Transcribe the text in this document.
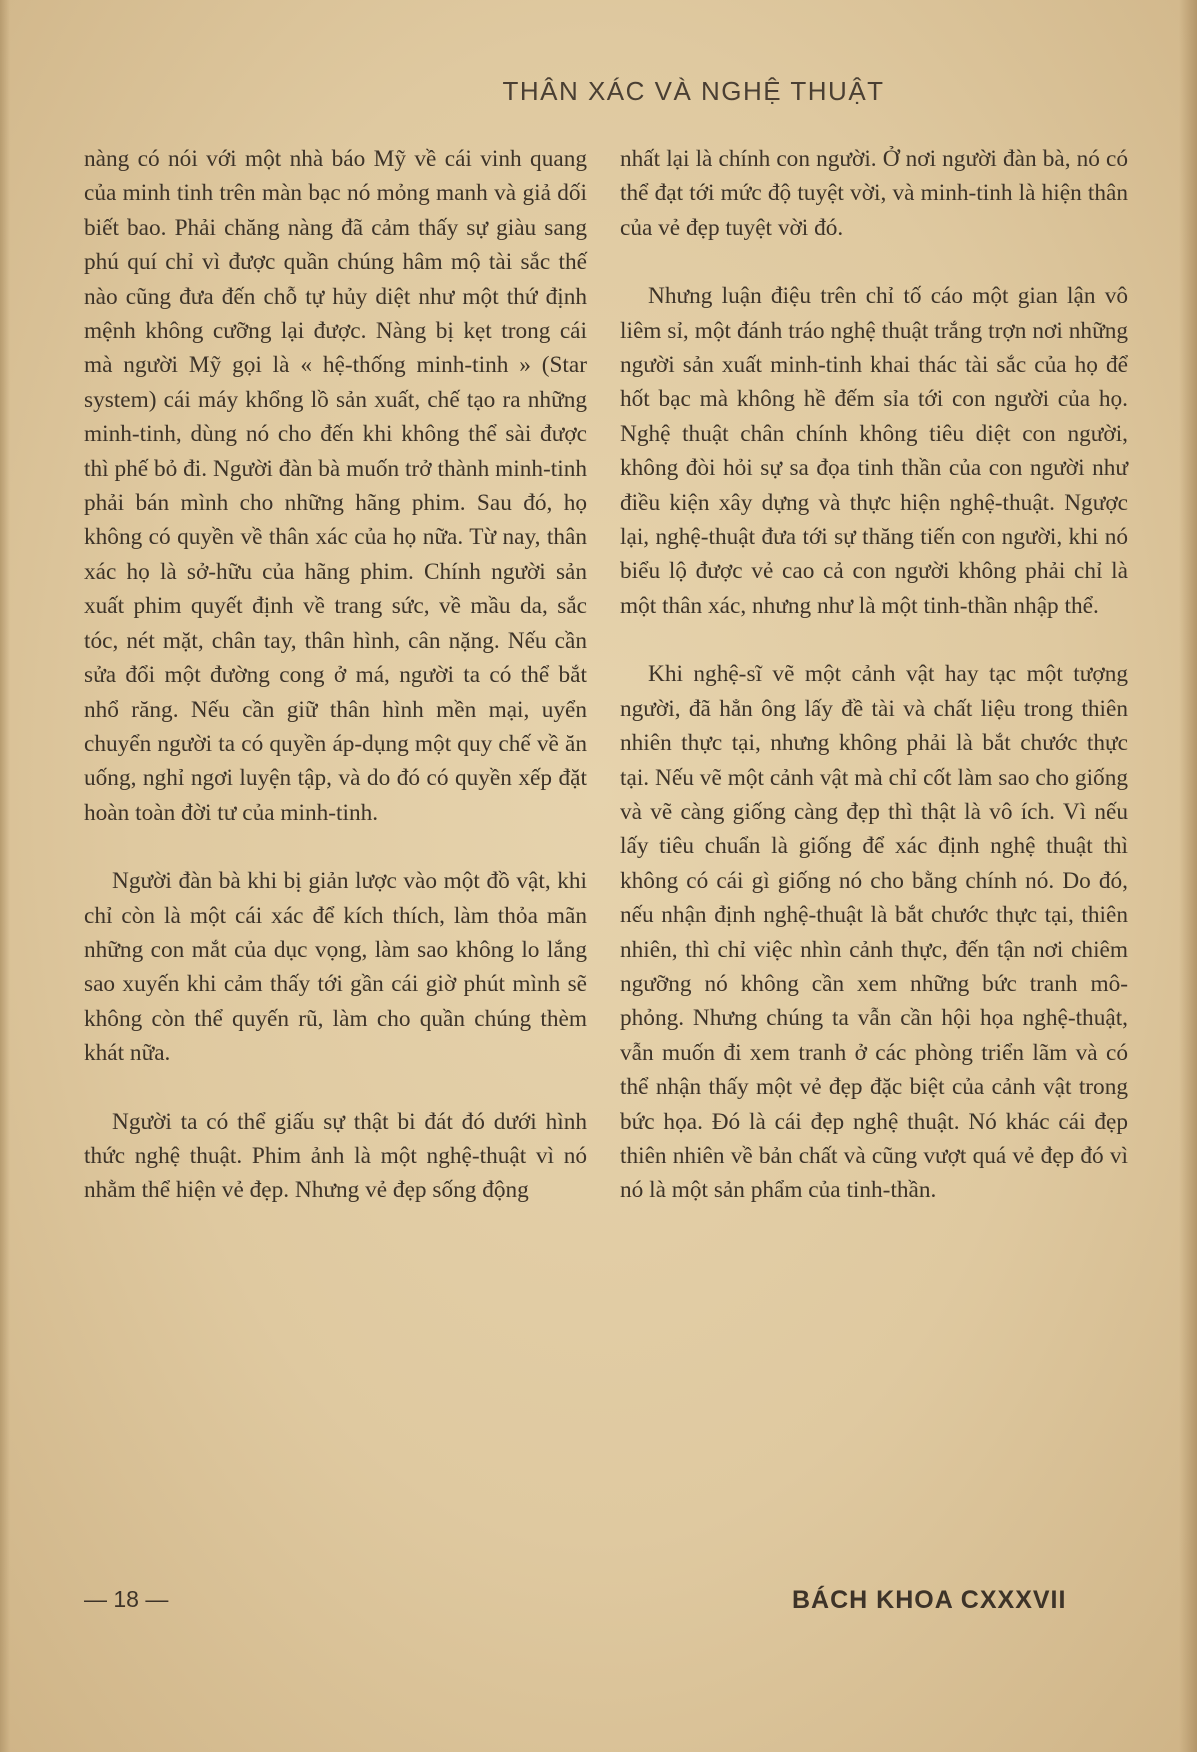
THÂN XÁC VÀ NGHỆ THUẬT

nàng có nói với một nhà báo Mỹ về cái vinh quang của minh tinh trên màn bạc nó mỏng manh và giả dối biết bao. Phải chăng nàng đã cảm thấy sự giàu sang phú quí chỉ vì được quần chúng hâm mộ tài sắc thế nào cũng đưa đến chỗ tự hủy diệt như một thứ định mệnh không cưỡng lại được. Nàng bị kẹt trong cái mà người Mỹ gọi là « hệ-thống minh-tinh » (Star system) cái máy khổng lồ sản xuất, chế tạo ra những minh-tinh, dùng nó cho đến khi không thể sài được thì phế bỏ đi. Người đàn bà muốn trở thành minh-tinh phải bán mình cho những hãng phim. Sau đó, họ không có quyền về thân xác của họ nữa. Từ nay, thân xác họ là sở-hữu của hãng phim. Chính người sản xuất phim quyết định về trang sức, về mầu da, sắc tóc, nét mặt, chân tay, thân hình, cân nặng. Nếu cần sửa đổi một đường cong ở má, người ta có thể bắt nhổ răng. Nếu cần giữ thân hình mền mại, uyển chuyển người ta có quyền áp-dụng một quy chế về ăn uống, nghỉ ngơi luyện tập, và do đó có quyền xếp đặt hoàn toàn đời tư của minh-tinh.

Người đàn bà khi bị giản lược vào một đồ vật, khi chỉ còn là một cái xác để kích thích, làm thỏa mãn những con mắt của dục vọng, làm sao không lo lắng sao xuyến khi cảm thấy tới gần cái giờ phút mình sẽ không còn thể quyến rũ, làm cho quần chúng thèm khát nữa.

Người ta có thể giấu sự thật bi đát đó dưới hình thức nghệ thuật. Phim ảnh là một nghệ-thuật vì nó nhằm thể hiện vẻ đẹp. Nhưng vẻ đẹp sống động

nhất lại là chính con người. Ở nơi người đàn bà, nó có thể đạt tới mức độ tuyệt vời, và minh-tinh là hiện thân của vẻ đẹp tuyệt vời đó.

Nhưng luận điệu trên chỉ tố cáo một gian lận vô liêm sỉ, một đánh tráo nghệ thuật trắng trợn nơi những người sản xuất minh-tinh khai thác tài sắc của họ để hốt bạc mà không hề đếm sỉa tới con người của họ. Nghệ thuật chân chính không tiêu diệt con người, không đòi hỏi sự sa đọa tinh thần của con người như điều kiện xây dựng và thực hiện nghệ-thuật. Ngược lại, nghệ-thuật đưa tới sự thăng tiến con người, khi nó biểu lộ được vẻ cao cả con người không phải chỉ là một thân xác, nhưng như là một tinh-thần nhập thể.

Khi nghệ-sĩ vẽ một cảnh vật hay tạc một tượng người, đã hẳn ông lấy đề tài và chất liệu trong thiên nhiên thực tại, nhưng không phải là bắt chước thực tại. Nếu vẽ một cảnh vật mà chỉ cốt làm sao cho giống và vẽ càng giống càng đẹp thì thật là vô ích. Vì nếu lấy tiêu chuẩn là giống để xác định nghệ thuật thì không có cái gì giống nó cho bằng chính nó. Do đó, nếu nhận định nghệ-thuật là bắt chước thực tại, thiên nhiên, thì chỉ việc nhìn cảnh thực, đến tận nơi chiêm ngưỡng nó không cần xem những bức tranh mô-phỏng. Nhưng chúng ta vẫn cần hội họa nghệ-thuật, vẫn muốn đi xem tranh ở các phòng triển lãm và có thể nhận thấy một vẻ đẹp đặc biệt của cảnh vật trong bức họa. Đó là cái đẹp nghệ thuật. Nó khác cái đẹp thiên nhiên về bản chất và cũng vượt quá vẻ đẹp đó vì nó là một sản phẩm của tinh-thần.

— 18 —	BÁCH KHOA CXXXVII
